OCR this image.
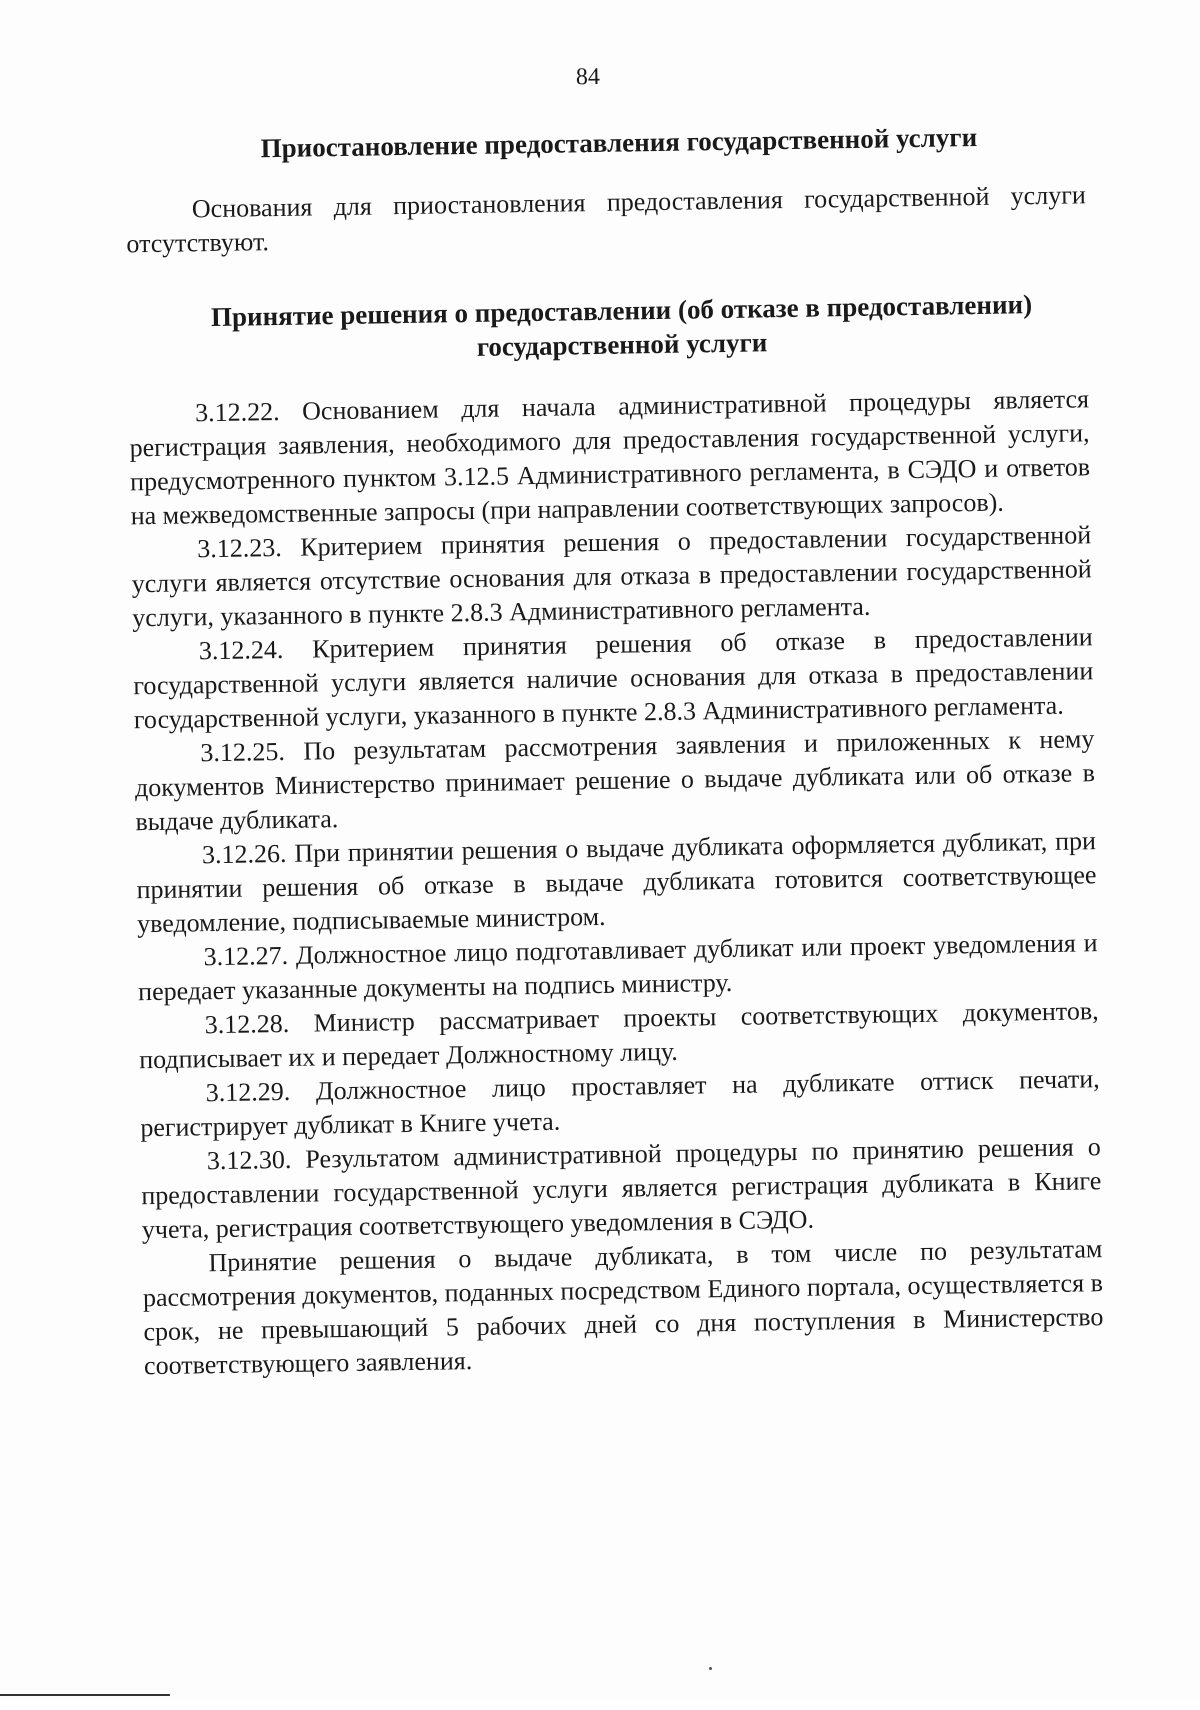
84
Приостановление предоставления государственной услуги

Основания для приостановления предоставления государственной услуги отсутствуют.

Принятие решения о предоставлении (об отказе в предоставлении)
государственной услуги

3.12.22. Основанием для начала административной процедуры является регистрация заявления, необходимого для предоставления государственной услуги, предусмотренного пунктом 3.12.5 Административного регламента, в СЭДО и ответов на межведомственные запросы (при направлении соответствующих запросов).

3.12.23. Критерием принятия решения о предоставлении государственной услуги является отсутствие основания для отказа в предоставлении государственной услуги, указанного в пункте 2.8.3 Административного регламента.

3.12.24. Критерием принятия решения об отказе в предоставлении государственной услуги является наличие основания для отказа в предоставлении государственной услуги, указанного в пункте 2.8.3 Административного регламента.

3.12.25. По результатам рассмотрения заявления и приложенных к нему документов Министерство принимает решение о выдаче дубликата или об отказе в выдаче дубликата.

3.12.26. При принятии решения о выдаче дубликата оформляется дубликат, при принятии решения об отказе в выдаче дубликата готовится соответствующее уведомление, подписываемые министром.

3.12.27. Должностное лицо подготавливает дубликат или проект уведомления и передает указанные документы на подпись министру.

3.12.28. Министр рассматривает проекты соответствующих документов, подписывает их и передает Должностному лицу.

3.12.29. Должностное лицо проставляет на дубликате оттиск печати, регистрирует дубликат в Книге учета.

3.12.30. Результатом административной процедуры по принятию решения о предоставлении государственной услуги является регистрация дубликата в Книге учета, регистрация соответствующего уведомления в СЭДО.

Принятие решения о выдаче дубликата, в том числе по результатам рассмотрения документов, поданных посредством Единого портала, осуществляется в срок, не превышающий 5 рабочих дней со дня поступления в Министерство соответствующего заявления.
